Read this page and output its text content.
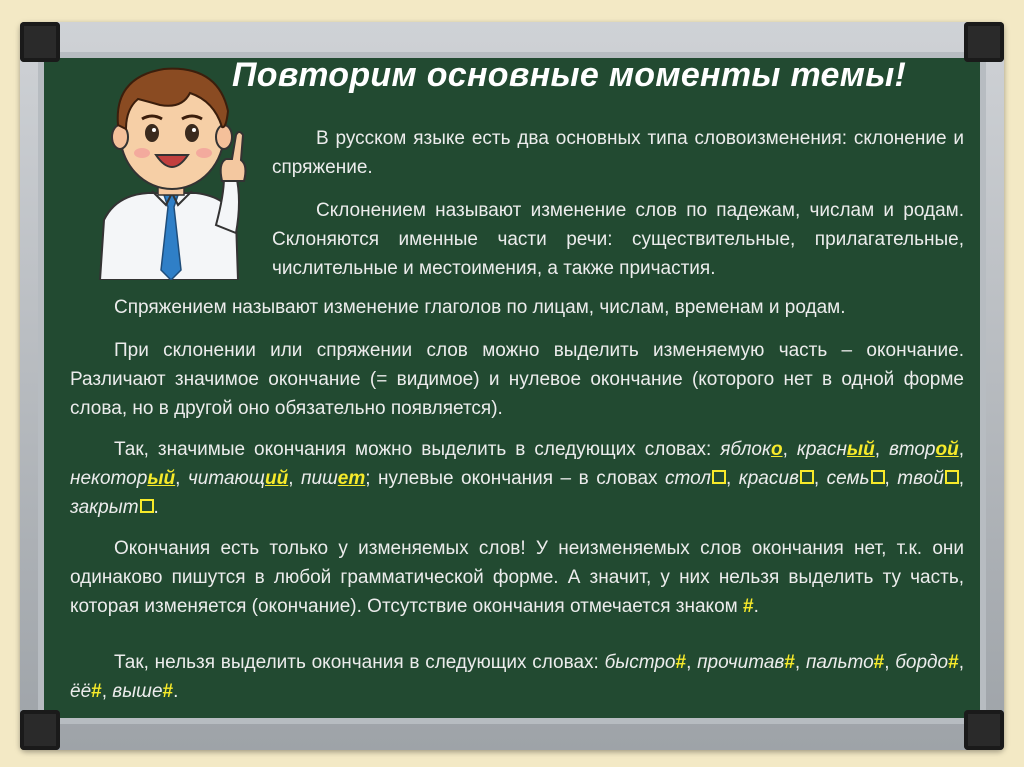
Повторим основные моменты темы!

В русском языке есть два основных типа словоизменения: склонение и спряжение.

Склонением называют изменение слов по падежам, числам и родам. Склоняются именные части речи: существительные, прилагательные, числительные и местоимения, а также причастия.

Спряжением называют изменение глаголов по лицам, числам, временам и родам.

При склонении или спряжении слов можно выделить изменяемую часть – окончание. Различают значимое окончание (= видимое) и нулевое окончание (которого нет в одной форме слова, но в другой оно обязательно появляется).

Так, значимые окончания можно выделить в следующих словах: яблоко, красный, второй, некоторый, читающий, пишет; нулевые окончания – в словах стол , красив , семь , твой , закрыт .

Окончания есть только у изменяемых слов! У неизменяемых слов окончания нет, т.к. они одинаково пишутся в любой грамматической форме. А значит, у них нельзя выделить ту часть, которая изменяется (окончание). Отсутствие окончания отмечается знаком #.

Так, нельзя выделить окончания в следующих словах: быстро#, прочитав#, пальто#, бордо#, ёё#, выше#.
